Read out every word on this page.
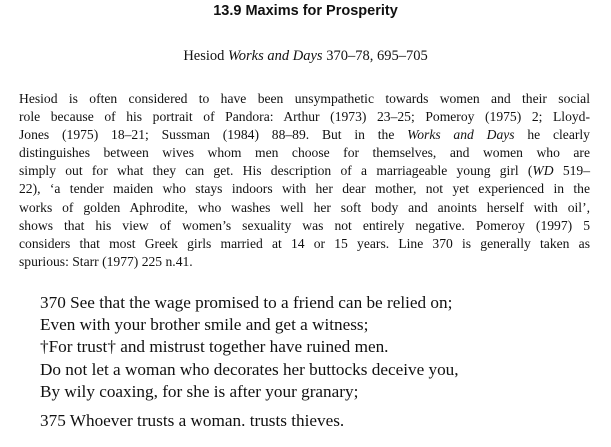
13.9 Maxims for Prosperity
Hesiod Works and Days 370–78, 695–705
Hesiod is often considered to have been unsympathetic towards women and their social
role because of his portrait of Pandora: Arthur (1973) 23–25; Pomeroy (1975) 2; Lloyd-
Jones (1975) 18–21; Sussman (1984) 88–89. But in the Works and Days he clearly
distinguishes between wives whom men choose for themselves, and women who are
simply out for what they can get. His description of a marriageable young girl (WD 519–
22), ‘a tender maiden who stays indoors with her dear mother, not yet experienced in the
works of golden Aphrodite, who washes well her soft body and anoints herself with oil’,
shows that his view of women’s sexuality was not entirely negative. Pomeroy (1997) 5
considers that most Greek girls married at 14 or 15 years. Line 370 is generally taken as
spurious: Starr (1977) 225 n.41.
370 See that the wage promised to a friend can be relied on;
Even with your brother smile and get a witness;
†For trust† and mistrust together have ruined men.
Do not let a woman who decorates her buttocks deceive you,
By wily coaxing, for she is after your granary;
375 Whoever trusts a woman. trusts thieves.
